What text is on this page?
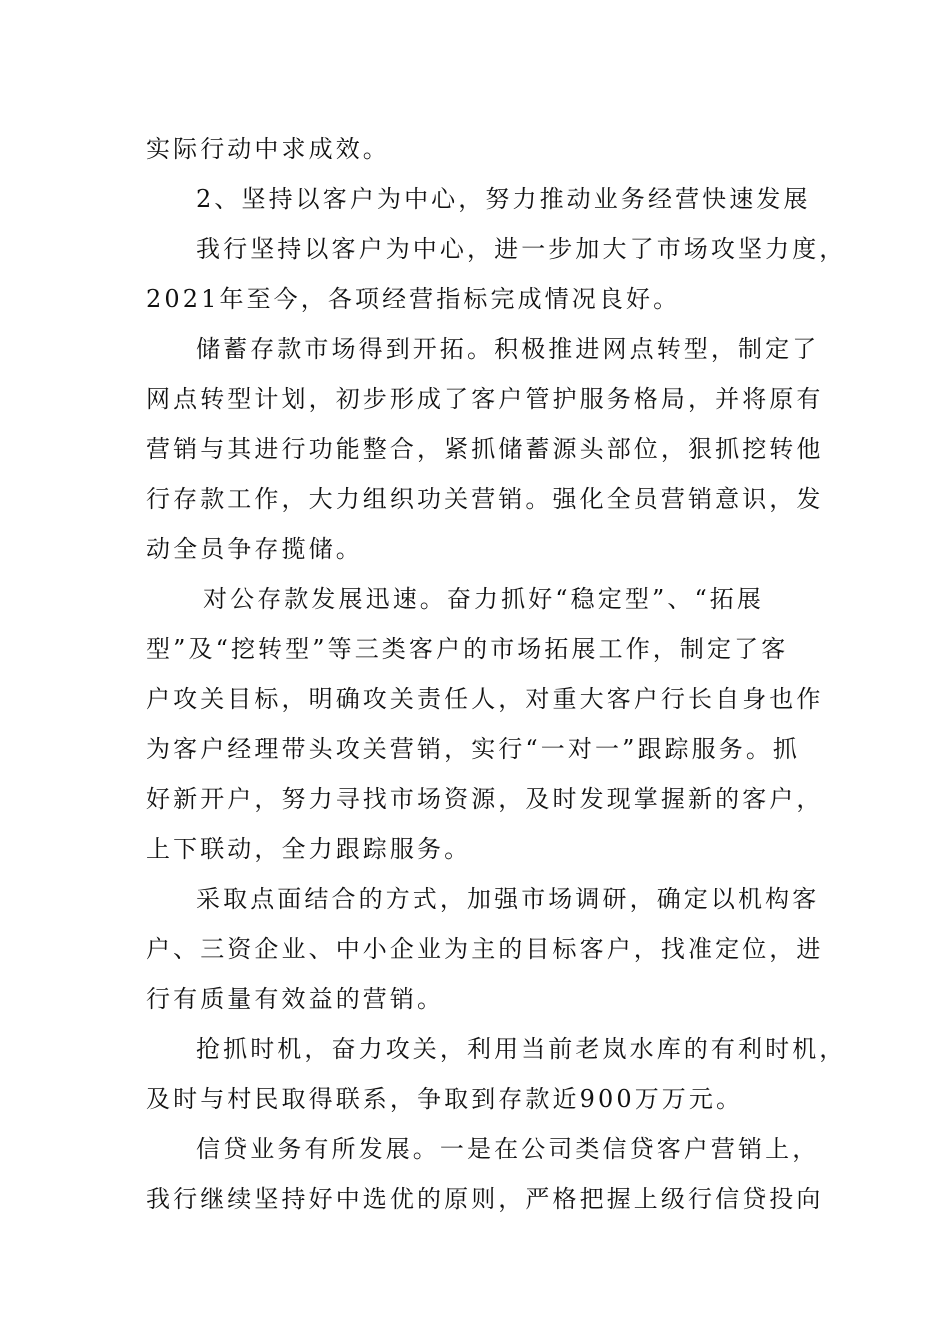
实际行动中求成效。

2、坚持以客户为中心，努力推动业务经营快速发展

我行坚持以客户为中心，进一步加大了市场攻坚力度，

2021年至今，各项经营指标完成情况良好。

储蓄存款市场得到开拓。积极推进网点转型，制定了

网点转型计划，初步形成了客户管护服务格局，并将原有

营销与其进行功能整合，紧抓储蓄源头部位，狠抓挖转他

行存款工作，大力组织功关营销。强化全员营销意识，发

动全员争存揽储。

对公存款发展迅速。奋力抓好“稳定型”、“拓展

型”及“挖转型”等三类客户的市场拓展工作，制定了客

户攻关目标，明确攻关责任人，对重大客户行长自身也作

为客户经理带头攻关营销，实行“一对一”跟踪服务。抓

好新开户，努力寻找市场资源，及时发现掌握新的客户，

上下联动，全力跟踪服务。

采取点面结合的方式，加强市场调研，确定以机构客

户、三资企业、中小企业为主的目标客户，找准定位，进

行有质量有效益的营销。

抢抓时机，奋力攻关，利用当前老岚水库的有利时机，

及时与村民取得联系，争取到存款近900万万元。

信贷业务有所发展。一是在公司类信贷客户营销上，

我行继续坚持好中选优的原则，严格把握上级行信贷投向
